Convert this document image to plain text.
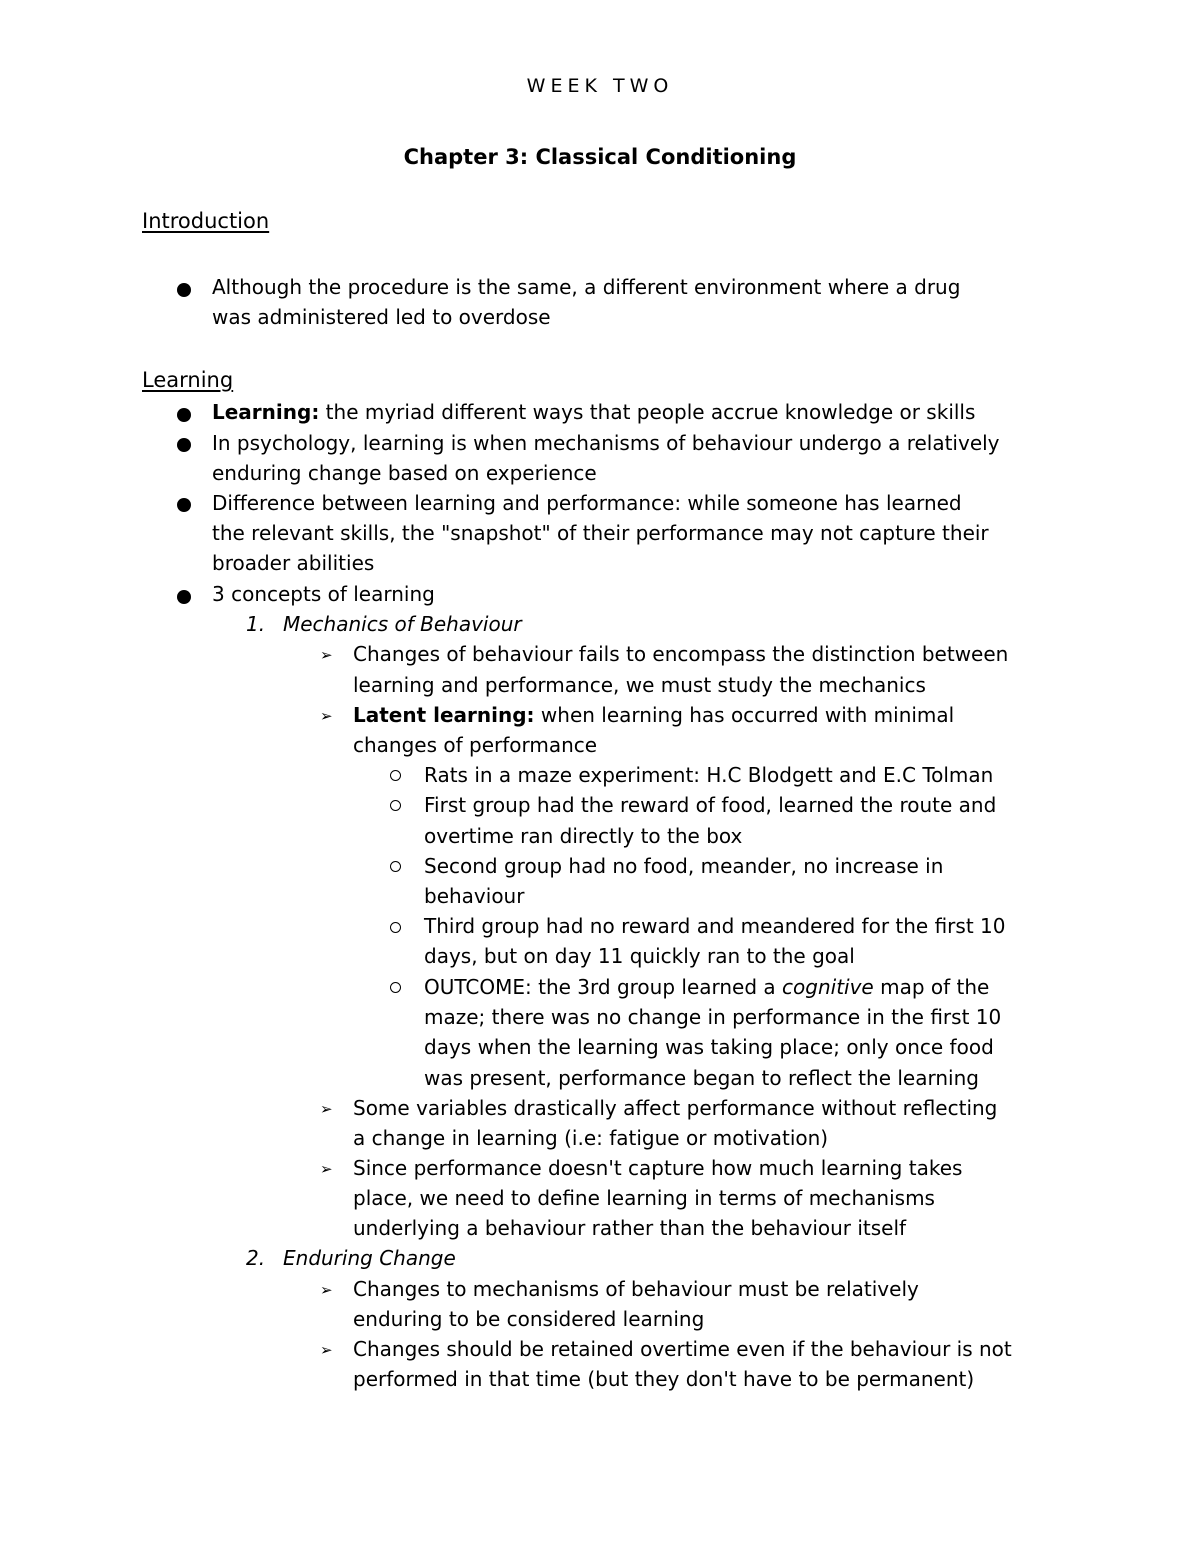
WEEK TWO
Chapter 3: Classical Conditioning
Introduction

Although the procedure is the same, a different environment where a drug

was administered led to overdose

Learning

Learning: the myriad different ways that people accrue knowledge or skills

In psychology, learning is when mechanisms of behaviour undergo a relatively

enduring change based on experience

Difference between learning and performance: while someone has learned

the relevant skills, the "snapshot" of their performance may not capture their

broader abilities

3 concepts of learning

1. Mechanics of Behaviour

➢ Changes of behaviour fails to encompass the distinction between

learning and performance, we must study the mechanics

➢ Latent learning: when learning has occurred with minimal

changes of performance

Rats in a maze experiment: H.C Blodgett and E.C Tolman

First group had the reward of food, learned the route and

overtime ran directly to the box

Second group had no food, meander, no increase in

behaviour

Third group had no reward and meandered for the first 10

days, but on day 11 quickly ran to the goal

OUTCOME: the 3rd group learned a cognitive map of the

maze; there was no change in performance in the first 10

days when the learning was taking place; only once food

was present, performance began to reflect the learning

➢ Some variables drastically affect performance without reflecting

a change in learning (i.e: fatigue or motivation)

➢ Since performance doesn't capture how much learning takes

place, we need to define learning in terms of mechanisms

underlying a behaviour rather than the behaviour itself

2. Enduring Change

➢ Changes to mechanisms of behaviour must be relatively

enduring to be considered learning

➢ Changes should be retained overtime even if the behaviour is not

performed in that time (but they don't have to be permanent)
